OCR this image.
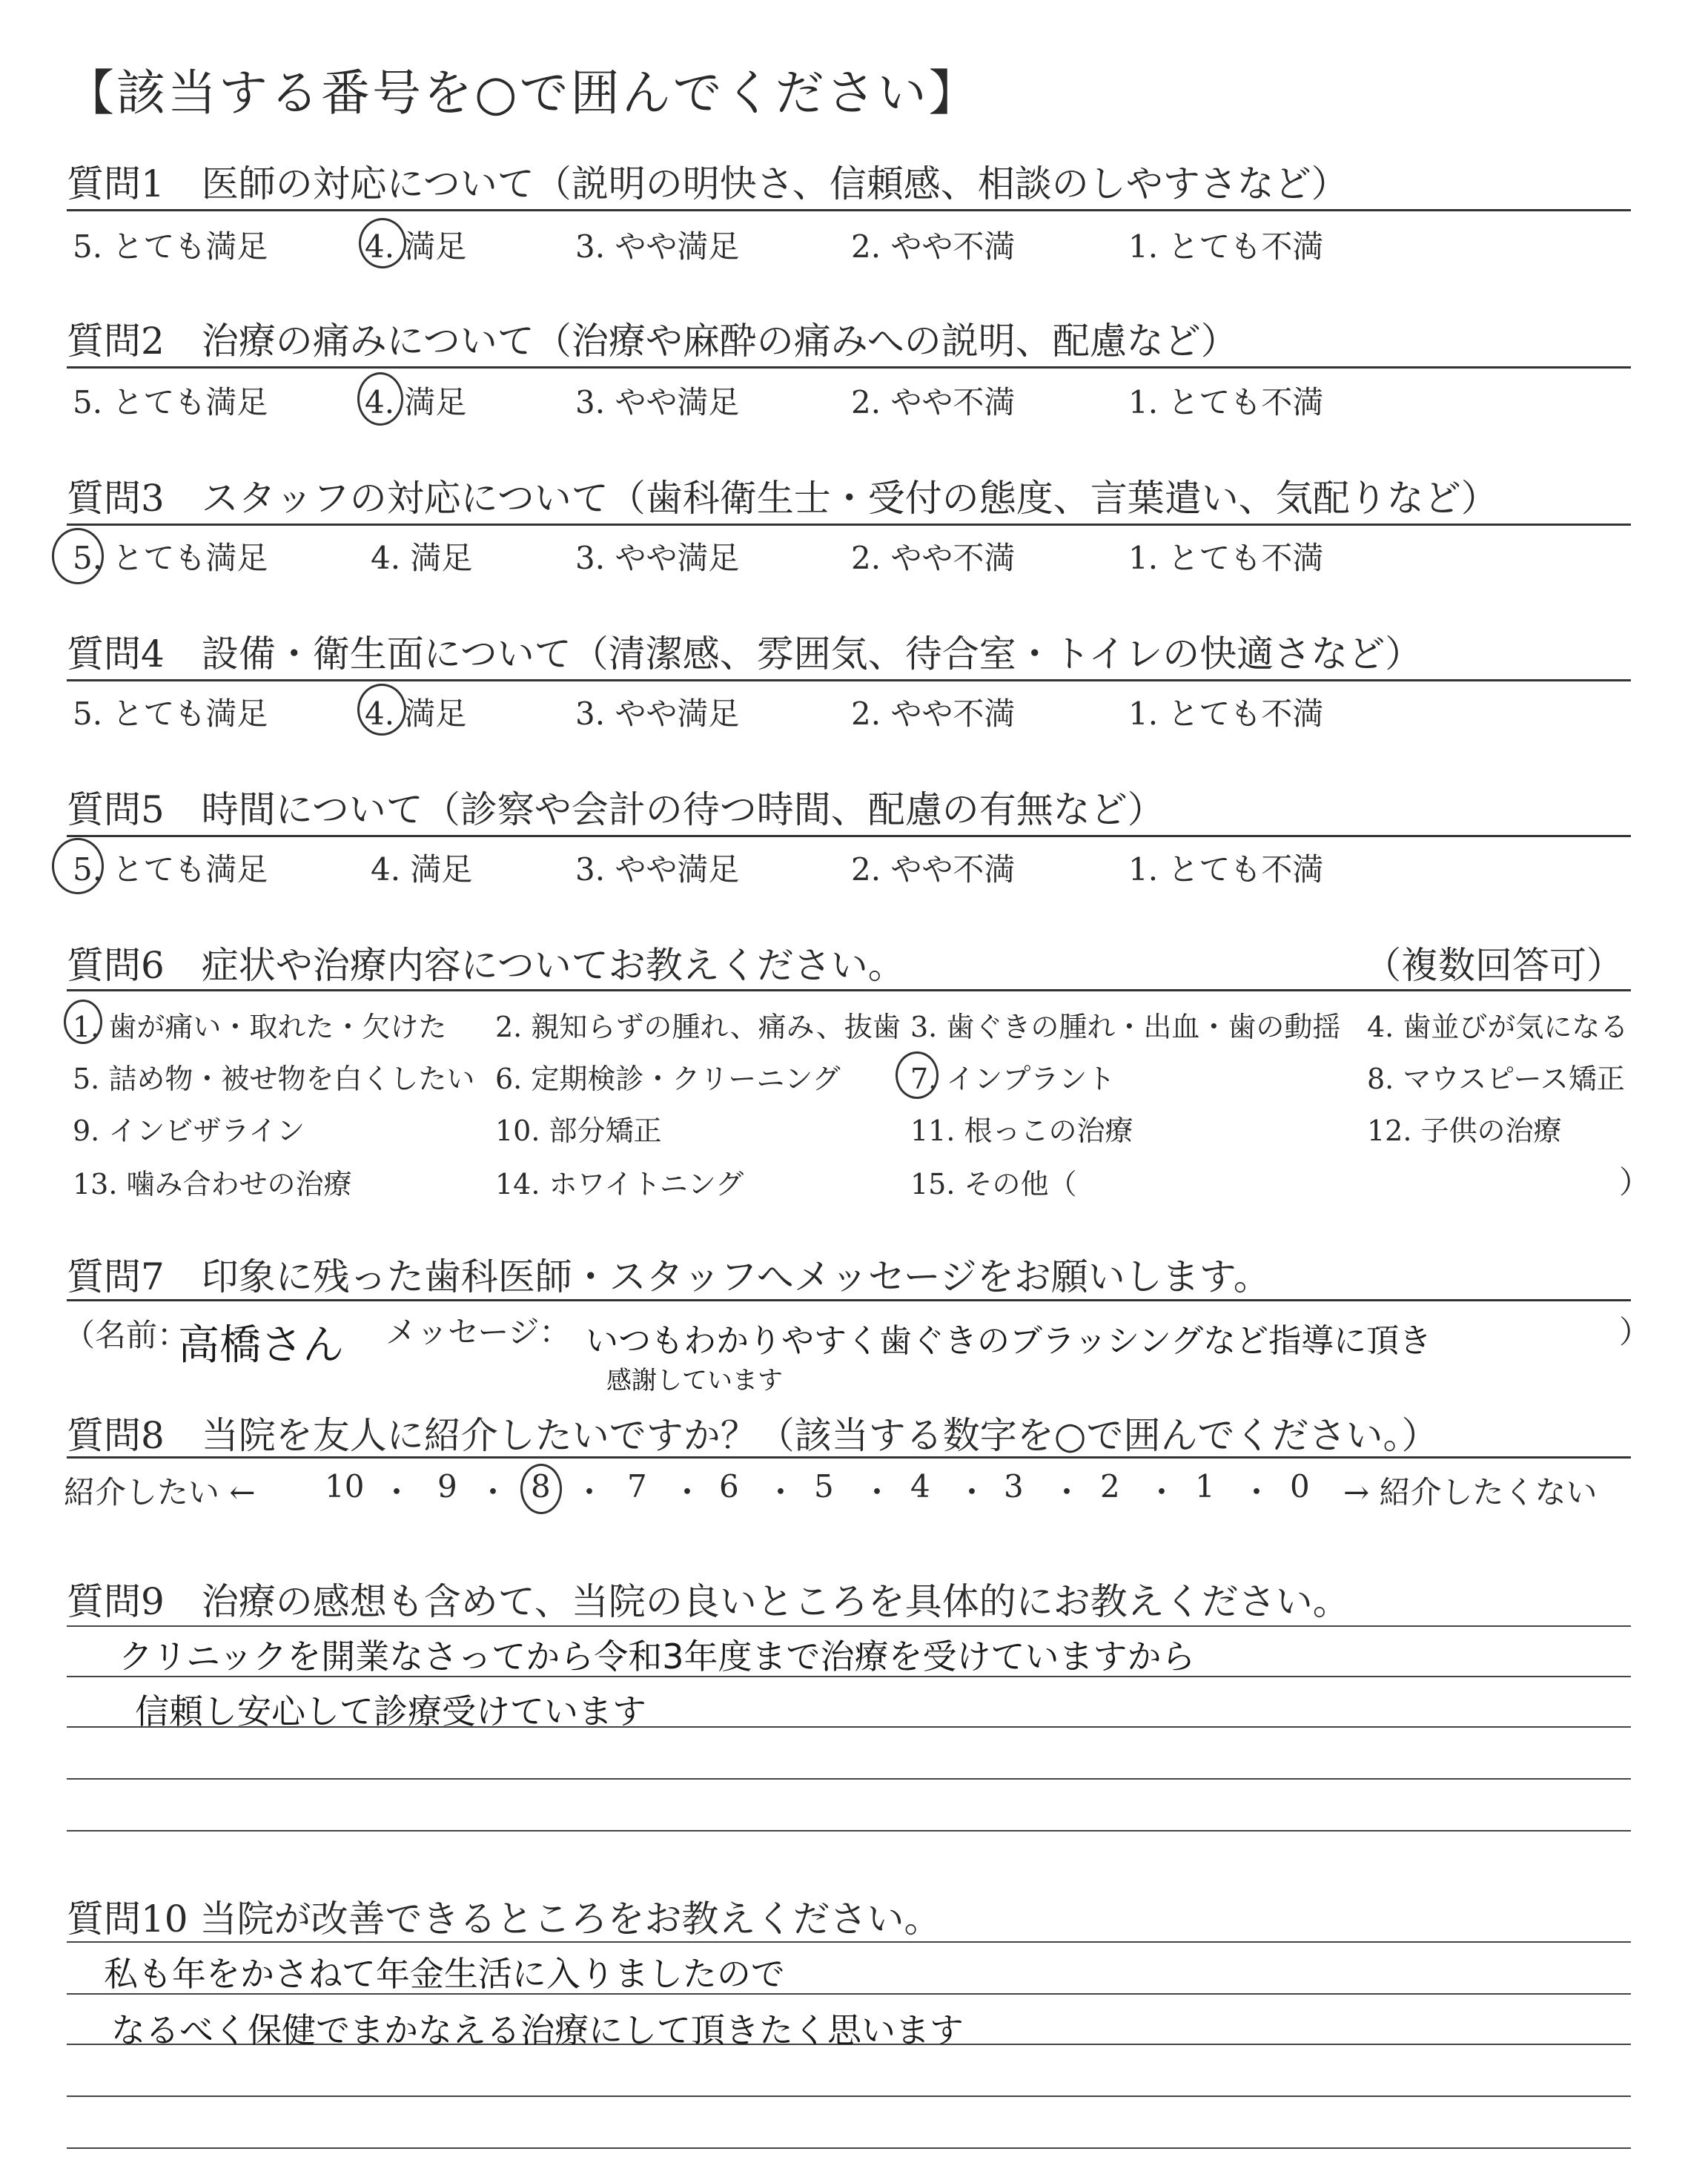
【該当する番号を○で囲んでください】
質問1　医師の対応について（説明の明快さ、信頼感、相談のしやすさなど）
5. とても満足	4. 満足	3. やや満足	2. やや不満	1. とても不満
質問2　治療の痛みについて（治療や麻酔の痛みへの説明、配慮など）
5. とても満足	4. 満足	3. やや満足	2. やや不満	1. とても不満
質問3　スタッフの対応について（歯科衛生士・受付の態度、言葉遣い、気配りなど）
5. とても満足	4. 満足	3. やや満足	2. やや不満	1. とても不満
質問4　設備・衛生面について（清潔感、雰囲気、待合室・トイレの快適さなど）
5. とても満足	4. 満足	3. やや満足	2. やや不満	1. とても不満
質問5　時間について（診察や会計の待つ時間、配慮の有無など）
5. とても満足	4. 満足	3. やや満足	2. やや不満	1. とても不満
質問6　症状や治療内容についてお教えください。	（複数回答可）
1. 歯が痛い・取れた・欠けた 2. 親知らずの腫れ、痛み、抜歯 3. 歯ぐきの腫れ・出血・歯の動揺 4. 歯並びが気になる
5. 詰め物・被せ物を白くしたい 6. 定期検診・クリーニング 7. インプラント	8. マウスピース矯正
9. インビザライン	10. 部分矯正	11. 根っこの治療	12. 子供の治療
13. 噛み合わせの治療	14. ホワイトニング	15. その他（	）
質問7　印象に残った歯科医師・スタッフへメッセージをお願いします。
（名前：
高橋さん メッセージ： いつもわかりやすく歯ぐきのブラッシングなど指導に頂き
感謝しています
）
質問8　当院を友人に紹介したいですか？（該当する数字を○で囲んでください。）
紹介したい ←	→ 紹介したくない
10 ・ 9 ・ 8 ・ 7 ・ 6 ・ 5 ・ 4 ・ 3 ・ 2 ・ 1 ・ 0
質問9　治療の感想も含めて、当院の良いところを具体的にお教えください。
クリニックを開業なさってから令和3年度まで治療を受けていますから
信頼し安心して診療受けています
質問10 当院が改善できるところをお教えください。
私も年をかさねて年金生活に入りましたので
なるべく保健でまかなえる治療にして頂きたく思います
